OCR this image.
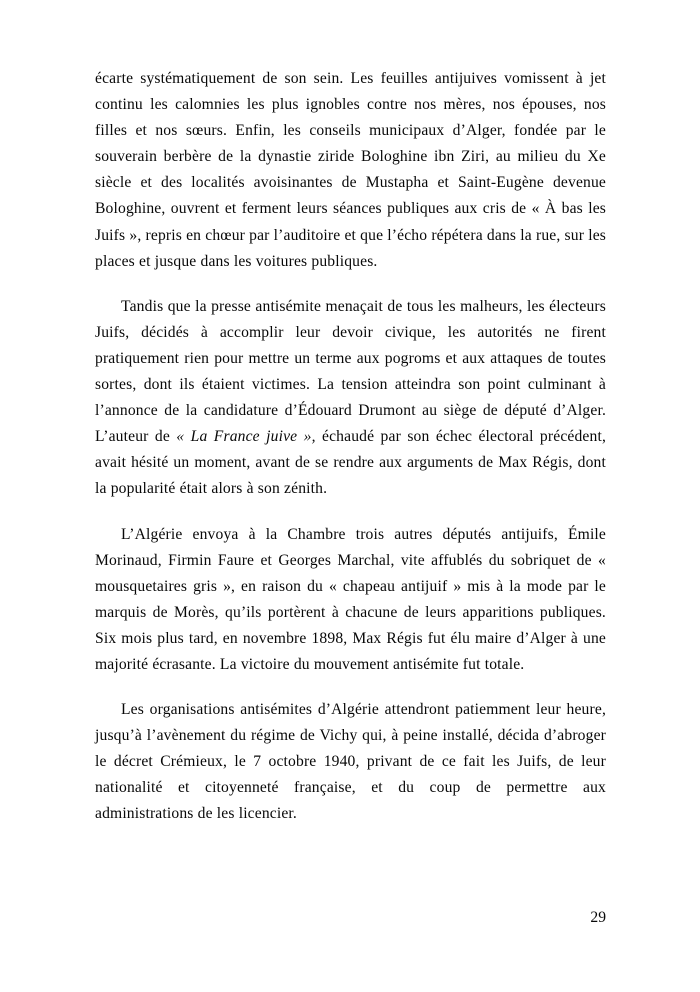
écarte systématiquement de son sein. Les feuilles antijuives vomissent à jet continu les calomnies les plus ignobles contre nos mères, nos épouses, nos filles et nos sœurs. Enfin, les conseils municipaux d’Alger, fondée par le souverain berbère de la dynastie ziride Bologhine ibn Ziri, au milieu du Xe siècle et des localités avoisinantes de Mustapha et Saint-Eugène devenue Bologhine, ouvrent et ferment leurs séances publiques aux cris de « À bas les Juifs », repris en chœur par l’auditoire et que l’écho répétera dans la rue, sur les places et jusque dans les voitures publiques.

Tandis que la presse antisémite menaçait de tous les malheurs, les électeurs Juifs, décidés à accomplir leur devoir civique, les autorités ne firent pratiquement rien pour mettre un terme aux pogroms et aux attaques de toutes sortes, dont ils étaient victimes. La tension atteindra son point culminant à l’annonce de la candidature d’Édouard Drumont au siège de député d’Alger. L’auteur de « La France juive », échaudé par son échec électoral précédent, avait hésité un moment, avant de se rendre aux arguments de Max Régis, dont la popularité était alors à son zénith.

L’Algérie envoya à la Chambre trois autres députés antijuifs, Émile Morinaud, Firmin Faure et Georges Marchal, vite affublés du sobriquet de « mousquetaires gris », en raison du « chapeau antijuif » mis à la mode par le marquis de Morès, qu’ils portèrent à chacune de leurs apparitions publiques. Six mois plus tard, en novembre 1898, Max Régis fut élu maire d’Alger à une majorité écrasante. La victoire du mouvement antisémite fut totale.

Les organisations antisémites d’Algérie attendront patiemment leur heure, jusqu’à l’avènement du régime de Vichy qui, à peine installé, décida d’abroger le décret Crémieux, le 7 octobre 1940, privant de ce fait les Juifs, de leur nationalité et citoyenneté française, et du coup de permettre aux administrations de les licencier.

29
